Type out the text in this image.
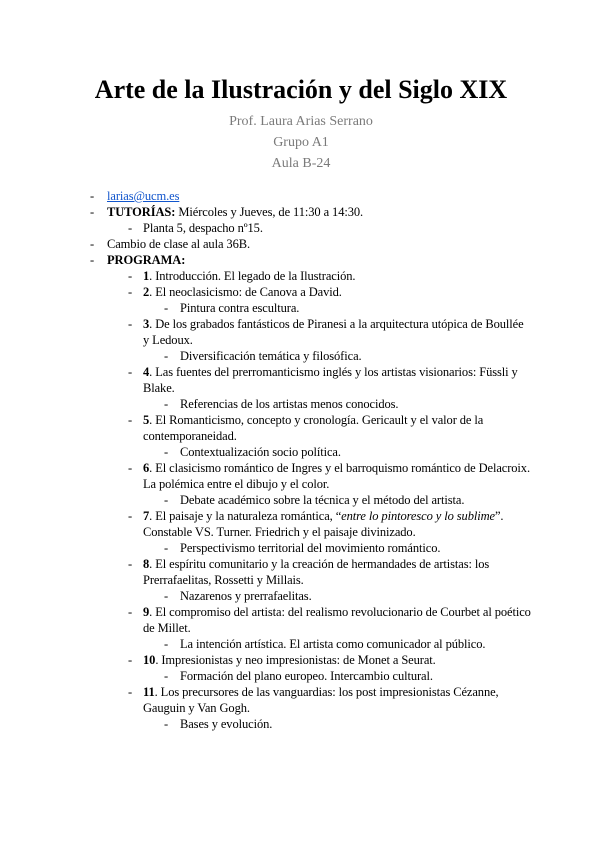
Arte de la Ilustración y del Siglo XIX
Prof. Laura Arias Serrano
Grupo A1
Aula B-24
- larias@ucm.es
- TUTORÍAS: Miércoles y Jueves, de 11:30 a 14:30.
- Planta 5, despacho nº15.
- Cambio de clase al aula 36B.
- PROGRAMA:
- 1. Introducción. El legado de la Ilustración.
- 2. El neoclasicismo: de Canova a David.
- Pintura contra escultura.
- 3. De los grabados fantásticos de Piranesi a la arquitectura utópica de Boullée y Ledoux.
- Diversificación temática y filosófica.
- 4. Las fuentes del prerromanticismo inglés y los artistas visionarios: Füssli y Blake.
- Referencias de los artistas menos conocidos.
- 5. El Romanticismo, concepto y cronología. Gericault y el valor de la contemporaneidad.
- Contextualización socio política.
- 6. El clasicismo romántico de Ingres y el barroquismo romántico de Delacroix. La polémica entre el dibujo y el color.
- Debate académico sobre la técnica y el método del artista.
- 7. El paisaje y la naturaleza romántica, “entre lo pintoresco y lo sublime”. Constable VS. Turner. Friedrich y el paisaje divinizado.
- Perspectivismo territorial del movimiento romántico.
- 8. El espíritu comunitario y la creación de hermandades de artistas: los Prerrafaelitas, Rossetti y Millais.
- Nazarenos y prerrafaelitas.
- 9. El compromiso del artista: del realismo revolucionario de Courbet al poético de Millet.
- La intención artística. El artista como comunicador al público.
- 10. Impresionistas y neo impresionistas: de Monet a Seurat.
- Formación del plano europeo. Intercambio cultural.
- 11. Los precursores de las vanguardias: los post impresionistas Cézanne, Gauguin y Van Gogh.
- Bases y evolución.
